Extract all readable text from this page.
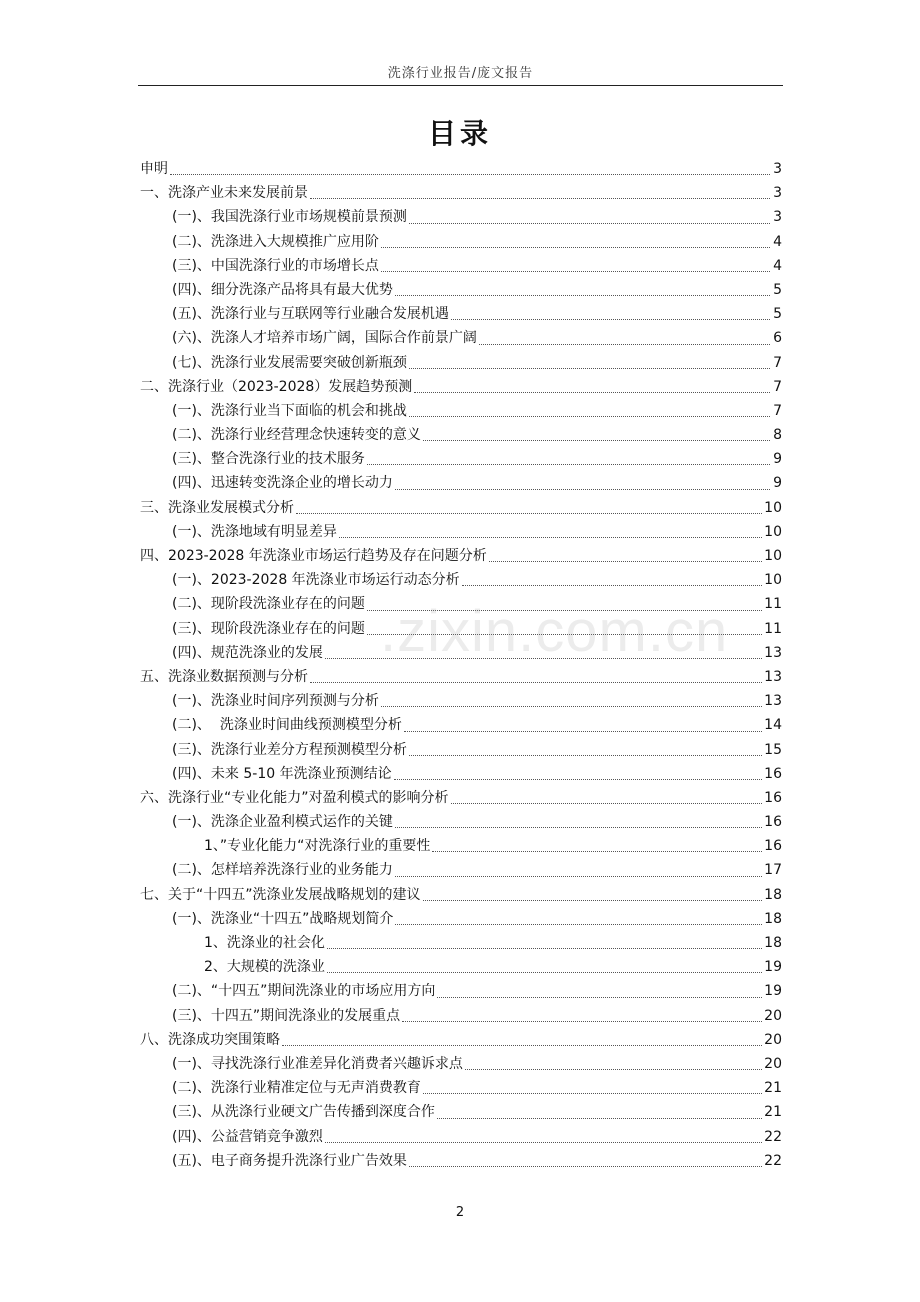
洗涤行业报告/庞文报告
目录
申明	3
一、洗涤产业未来发展前景	3
(一)、我国洗涤行业市场规模前景预测	3
(二)、洗涤进入大规模推广应用阶	4
(三)、中国洗涤行业的市场增长点	4
(四)、细分洗涤产品将具有最大优势	5
(五)、洗涤行业与互联网等行业融合发展机遇	5
(六)、洗涤人才培养市场广阔，国际合作前景广阔	6
(七)、洗涤行业发展需要突破创新瓶颈	7
二、洗涤行业（2023-2028）发展趋势预测	7
(一)、洗涤行业当下面临的机会和挑战	7
(二)、洗涤行业经营理念快速转变的意义	8
(三)、整合洗涤行业的技术服务	9
(四)、迅速转变洗涤企业的增长动力	9
三、洗涤业发展模式分析	10
(一)、洗涤地域有明显差异	10
四、2023-2028 年洗涤业市场运行趋势及存在问题分析	10
(一)、2023-2028 年洗涤业市场运行动态分析	10
(二)、现阶段洗涤业存在的问题	11
(三)、现阶段洗涤业存在的问题	11
(四)、规范洗涤业的发展	13
五、洗涤业数据预测与分析	13
(一)、洗涤业时间序列预测与分析	13
(二)、  洗涤业时间曲线预测模型分析	14
(三)、洗涤行业差分方程预测模型分析	15
(四)、未来 5-10 年洗涤业预测结论	16
六、洗涤行业“专业化能力”对盈利模式的影响分析	16
(一)、洗涤企业盈利模式运作的关键	16
1、”专业化能力“对洗涤行业的重要性	16
(二)、怎样培养洗涤行业的业务能力	17
七、关于“十四五”洗涤业发展战略规划的建议	18
(一)、洗涤业“十四五”战略规划简介	18
1、洗涤业的社会化	18
2、大规模的洗涤业	19
(二)、“十四五”期间洗涤业的市场应用方向	19
(三)、十四五”期间洗涤业的发展重点	20
八、洗涤成功突围策略	20
(一)、寻找洗涤行业准差异化消费者兴趣诉求点	20
(二)、洗涤行业精准定位与无声消费教育	21
(三)、从洗涤行业硬文广告传播到深度合作	21
(四)、公益营销竞争激烈	22
(五)、电子商务提升洗涤行业广告效果	22
.zixin.com.cn
2
